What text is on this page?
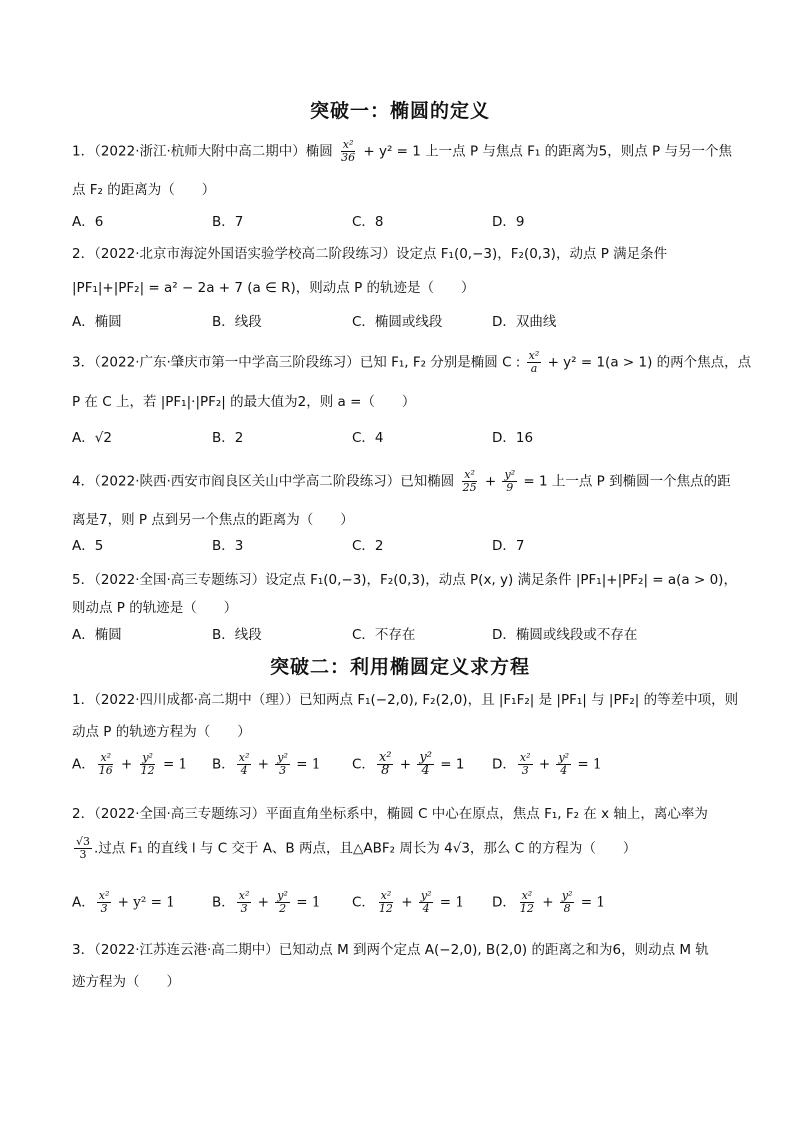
突破一：椭圆的定义
1．（2022·浙江·杭师大附中高二期中）椭圆 $\frac{\text{x²}}{36} + y^2 = 1$ 上一点 P 与焦点 F₁ 的距离为5，则点 P 与另一个焦
点 F₂ 的距离为（　　）
A．6	B．7	C．8	D．9
2．（2022·北京市海淀外国语实验学校高二阶段练习）设定点 F₁(0,−3)，F₂(0,3)，动点 P 满足条件
|PF₁|+|PF₂| = a² − 2a + 7 (a ∈ R)，则动点 P 的轨迹是（　　）
A．椭圆	B．线段	C．椭圆或线段	D．双曲线
3．（2022·广东·肇庆市第一中学高三阶段练习）已知 F₁, F₂ 分别是椭圆 C : $\frac{\text{x²}}{a} + y^2 = 1(a > 1)$ 的两个焦点，点
P 在 C 上，若 |PF₁|·|PF₂| 的最大值为2，则 a =（　　）
A．√2	B．2	C．4	D．16
4．（2022·陕西·西安市阎良区关山中学高二阶段练习）已知椭圆 $\frac{\text{x²}}{25} + \frac{\text{y²}}{9} = 1$ 上一点 P 到椭圆一个焦点的距
离是7，则 P 点到另一个焦点的距离为（　　）
A．5	B．3	C．2	D．7
5．（2022·全国·高三专题练习）设定点 F₁(0,−3)，F₂(0,3)，动点 P(x, y) 满足条件 |PF₁|+|PF₂| = a(a > 0)，
则动点 P 的轨迹是（　　）
A．椭圆	B．线段	C．不存在	D．椭圆或线段或不存在
突破二：利用椭圆定义求方程
1．（2022·四川成都·高二期中（理））已知两点 F₁(−2,0), F₂(2,0)，且 |F₁F₂| 是 |PF₁| 与 |PF₂| 的等差中项，则
动点 P 的轨迹方程为（　　）
A． $\frac{\text{x²}}{16} + \frac{\text{y²}}{12} = 1$ B． $\frac{\text{x²}}{4} + \frac{\text{y²}}{3} = 1$ C． $\frac{\text{x²}}{8} + \frac{\text{y²}}{4} = 1$ D． $\frac{\text{x²}}{3} + \frac{\text{y²}}{4} = 1$
2．（2022·全国·高三专题练习）平面直角坐标系中，椭圆 C 中心在原点，焦点 F₁, F₂ 在 x 轴上，离心率为
$\frac{√3}{3}$ .过点 F₁ 的直线 l 与 C 交于 A、B 两点，且△ABF₂ 周长为 4√3，那么 C 的方程为（　　）
A． $\frac{\text{x²}}{3} + y^2 = 1$	B． $\frac{\text{x²}}{3} + \frac{\text{y²}}{2} = 1$ C． $\frac{\text{x²}}{12} + \frac{\text{y²}}{4} = 1$ D． $\frac{\text{x²}}{12} + \frac{\text{y²}}{8} = 1$
3．（2022·江苏连云港·高二期中）已知动点 M 到两个定点 A(−2,0), B(2,0) 的距离之和为6，则动点 M 轨
迹方程为（　　）
